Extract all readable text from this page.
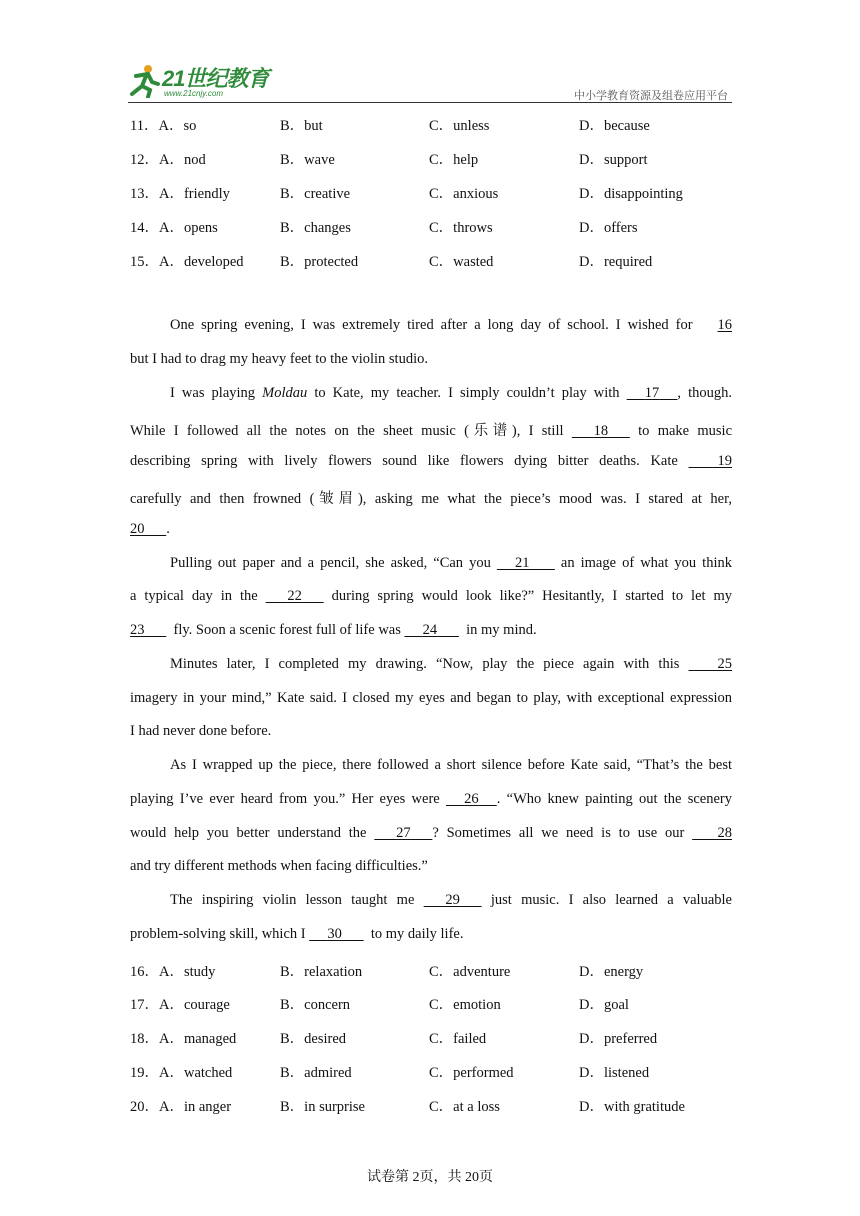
21世纪教育
www.21cnjy.com	中小学教育资源及组卷应用平台
11．A．so	B．but	C．unless	D．because
12．A．nod	B．wave	C．help	D．support
13．A．friendly	B．creative	C．anxious	D．disappointing
14．A．opens	B．changes	C．throws	D．offers
15．A．developed	B．protected	C．wasted	D．required
One spring evening, I was extremely tired after a long day of school. I wished for 16
but I had to drag my heavy feet to the violin studio.
I was playing Moldau to Kate, my teacher. I simply couldn’t play with 17 , though.
While I followed all the notes on the sheet music (乐谱), I still 18 to make music
describing spring with lively flowers sound like flowers dying bitter deaths. Kate	19
carefully and then frowned (皱眉), asking me what the piece’s mood was. I stared at her,
20 .
Pulling out paper and a pencil, she asked, “Can you 21 an image of what you think
a typical day in the 22 during spring would look like?” Hesitantly, I started to let my
23 fly. Soon a scenic forest full of life was 24 in my mind.
Minutes later, I completed my drawing. “Now, play the piece again with this	25
imagery in your mind,” Kate said. I closed my eyes and began to play, with exceptional expression
I had never done before.
As I wrapped up the piece, there followed a short silence before Kate said, “That’s the best
playing I’ve ever heard from you.” Her eyes were 26 . “Who knew painting out the scenery
would help you better understand the 27 ? Sometimes all we need is to use our 28
and try different methods when facing difficulties.”
The inspiring violin lesson taught me 29 just music. I also learned a valuable
problem-solving skill, which I 30 to my daily life.
16．A．study	B．relaxation	C．adventure	D．energy
17．A．courage	B．concern	C．emotion	D．goal
18．A．managed	B．desired	C．failed	D．preferred
19．A．watched	B．admired	C．performed	D．listened
20．A．in anger	B．in surprise	C．at a loss	D．with gratitude
试卷第 2页，共 20页
